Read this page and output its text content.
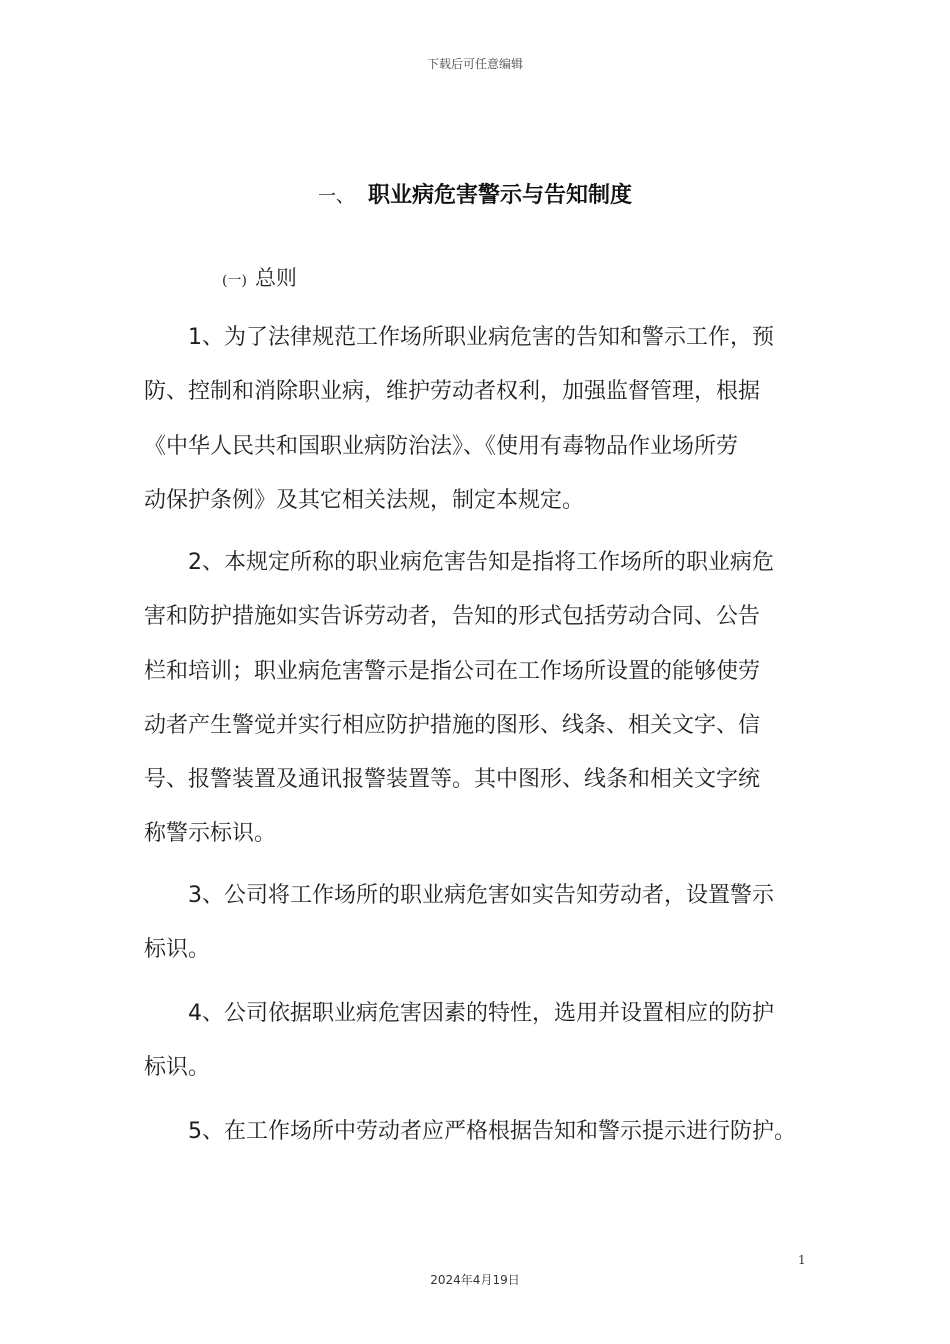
下载后可任意编辑
一、 职业病危害警示与告知制度
(一) 总则
1、为了法律规范工作场所职业病危害的告知和警示工作，预
防、控制和消除职业病，维护劳动者权利，加强监督管理，根据
《中华人民共和国职业病防治法》、《使用有毒物品作业场所劳
动保护条例》及其它相关法规，制定本规定。
2、本规定所称的职业病危害告知是指将工作场所的职业病危
害和防护措施如实告诉劳动者，告知的形式包括劳动合同、公告
栏和培训；职业病危害警示是指公司在工作场所设置的能够使劳
动者产生警觉并实行相应防护措施的图形、线条、相关文字、信
号、报警装置及通讯报警装置等。其中图形、线条和相关文字统
称警示标识。
3、公司将工作场所的职业病危害如实告知劳动者，设置警示
标识。
4、公司依据职业病危害因素的特性，选用并设置相应的防护
标识。
5、在工作场所中劳动者应严格根据告知和警示提示进行防护。
1
2024年4月19日
